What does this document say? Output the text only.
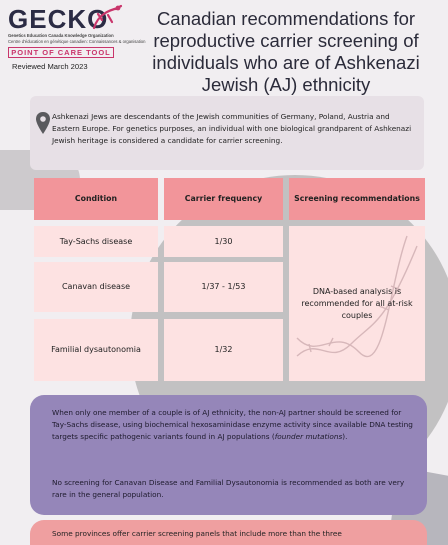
GECKO
Genetics Education Canada Knowledge Organization
Centre d'éducation en génétique canadien: Connaissances & organisation
POINT OF CARE TOOL
Reviewed March 2023
Canadian recommendations for reproductive carrier screening of individuals who are of Ashkenazi Jewish (AJ) ethnicity
Ashkenazi Jews are descendants of the Jewish communities of Germany, Poland, Austria and Eastern Europe. For genetics purposes, an individual with one biological grandparent of Ashkenazi Jewish heritage is considered a candidate for carrier screening.
Condition	Carrier frequency	Screening recommendations
Tay-Sachs disease	1/30
Canavan disease	1/37 - 1/53
Familial dysautonomia	1/32
DNA-based analysis is recommended for all at-risk couples

When only one member of a couple is of AJ ethnicity, the non-AJ partner should be screened for Tay-Sachs disease, using biochemical hexosaminidase enzyme activity since available DNA testing targets specific pathogenic variants found in AJ populations (founder mutations).

No screening for Canavan Disease and Familial Dysautonomia is recommended as both are very rare in the general population.

Some provinces offer carrier screening panels that include more than the three
